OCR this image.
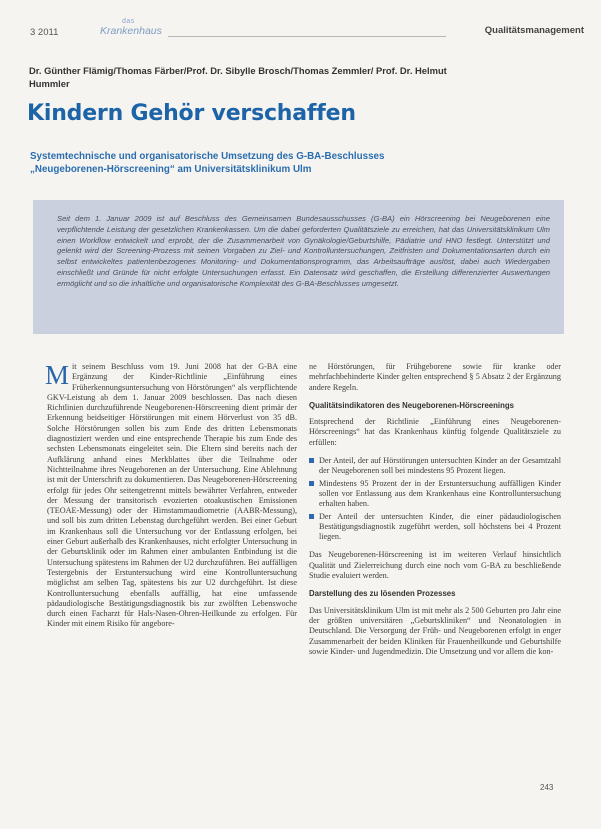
3 2011
das
Krankenhaus	Qualitätsmanagement
Dr. Günther Flämig/Thomas Färber/Prof. Dr. Sibylle Brosch/Thomas Zemmler/ Prof. Dr. Helmut Hummler
Kindern Gehör verschaffen
Systemtechnische und organisatorische Umsetzung des G-BA-Beschlusses
„Neugeborenen-Hörscreening“ am Universitätsklinikum Ulm

Seit dem 1. Januar 2009 ist auf Beschluss des Gemeinsamen Bundesausschusses (G-BA) ein Hörscreening bei Neugeborenen eine verpflichtende Leistung der gesetzlichen Krankenkassen. Um die dabei geforderten Qualitätsziele zu erreichen, hat das Universitätsklinikum Ulm einen Workflow entwickelt und erprobt, der die Zusammenarbeit von Gynäkologie/Geburtshilfe, Pädiatrie und HNO festlegt. Unterstützt und gelenkt wird der Screening-Prozess mit seinen Vorgaben zu Ziel- und Kontrolluntersuchungen, Zeitfristen und Dokumentationsarten durch ein selbst entwickeltes patientenbezogenes Monitoring- und Dokumentationsprogramm, das Arbeitsaufträge auslöst, dabei auch Wiedergaben einschließt und Gründe für nicht erfolgte Untersuchungen erfasst. Ein Datensatz wird geschaffen, die Erstellung differenzierter Auswertungen ermöglicht und so die inhaltliche und organisatorische Komplexität des G-BA-Beschlusses umgesetzt.

Mit seinem Beschluss vom 19. Juni 2008 hat der G-BA eine Ergänzung der Kinder-Richtlinie „Einführung eines Früherkennungsuntersuchung von Hörstörungen“ als verpflichtende GKV-Leistung ab dem 1. Januar 2009 beschlossen. Das nach diesen Richtlinien durchzuführende Neugeborenen-Hörscreening dient primär der Erkennung beidseitiger Hörstörungen mit einem Hörverlust von 35 dB. Solche Hörstörungen sollen bis zum Ende des dritten Lebensmonats diagnostiziert werden und eine entsprechende Therapie bis zum Ende des sechsten Lebensmonats eingeleitet sein. Die Eltern sind bereits nach der Aufklärung anhand eines Merkblattes über die Teilnahme oder Nichtteilnahme ihres Neugeborenen an der Untersuchung. Eine Ablehnung ist mit der Unterschrift zu dokumentieren. Das Neugeborenen-Hörscreening erfolgt für jedes Ohr seitengetrennt mittels bewährter Verfahren, entweder der Messung der transitorisch evozierten otoakustischen Emissionen (TEOAE-Messung) oder der Hirnstammaudiometrie (AABR-Messung), und soll bis zum dritten Lebenstag durchgeführt werden. Bei einer Geburt im Krankenhaus soll die Untersuchung vor der Entlassung erfolgen, bei einer Geburt außerhalb des Krankenhauses, nicht erfolgter Untersuchung in der Geburtsklinik oder im Rahmen einer ambulanten Entbindung ist die Untersuchung spätestens im Rahmen der U2 durchzuführen. Bei auffälligen Testergebnis der Erstuntersuchung wird eine Kontrolluntersuchung möglichst am selben Tag, spätestens bis zur U2 durchgeführt. Ist diese Kontrolluntersuchung ebenfalls auffällig, hat eine umfassende pädaudiologische Bestätigungsdiagnostik bis zur zwölften Lebenswoche durch einen Facharzt für Hals-Nasen-Ohren-Heilkunde zu erfolgen. Für Kinder mit einem Risiko für angebore-

ne Hörstörungen, für Frühgeborene sowie für kranke oder mehrfachbehinderte Kinder gelten entsprechend § 5 Absatz 2 der Ergänzung andere Regeln.

Qualitätsindikatoren des Neugeborenen-Hörscreenings

Entsprechend der Richtlinie „Einführung eines Neugeborenen-Hörscreenings“ hat das Krankenhaus künftig folgende Qualitätsziele zu erfüllen:

Der Anteil, der auf Hörstörungen untersuchten Kinder an der Gesamtzahl der Neugeborenen soll bei mindestens 95 Prozent liegen.
Mindestens 95 Prozent der in der Erstuntersuchung auffälligen Kinder sollen vor Entlassung aus dem Krankenhaus eine Kontrolluntersuchung erhalten haben.
Der Anteil der untersuchten Kinder, die einer pädaudiologischen Bestätigungsdiagnostik zugeführt werden, soll höchstens bei 4 Prozent liegen.

Das Neugeborenen-Hörscreening ist im weiteren Verlauf hinsichtlich Qualität und Zielerreichung durch eine noch vom G-BA zu beschließende Studie evaluiert werden.

Darstellung des zu lösenden Prozesses

Das Universitätsklinikum Ulm ist mit mehr als 2 500 Geburten pro Jahr eine der größten universitären „Geburtskliniken“ und Neonatologien in Deutschland. Die Versorgung der Früh- und Neugeborenen erfolgt in enger Zusammenarbeit der beiden Kliniken für Frauenheilkunde und Geburtshilfe sowie Kinder- und Jugendmedizin. Die Umsetzung und vor allem die kon-

243
